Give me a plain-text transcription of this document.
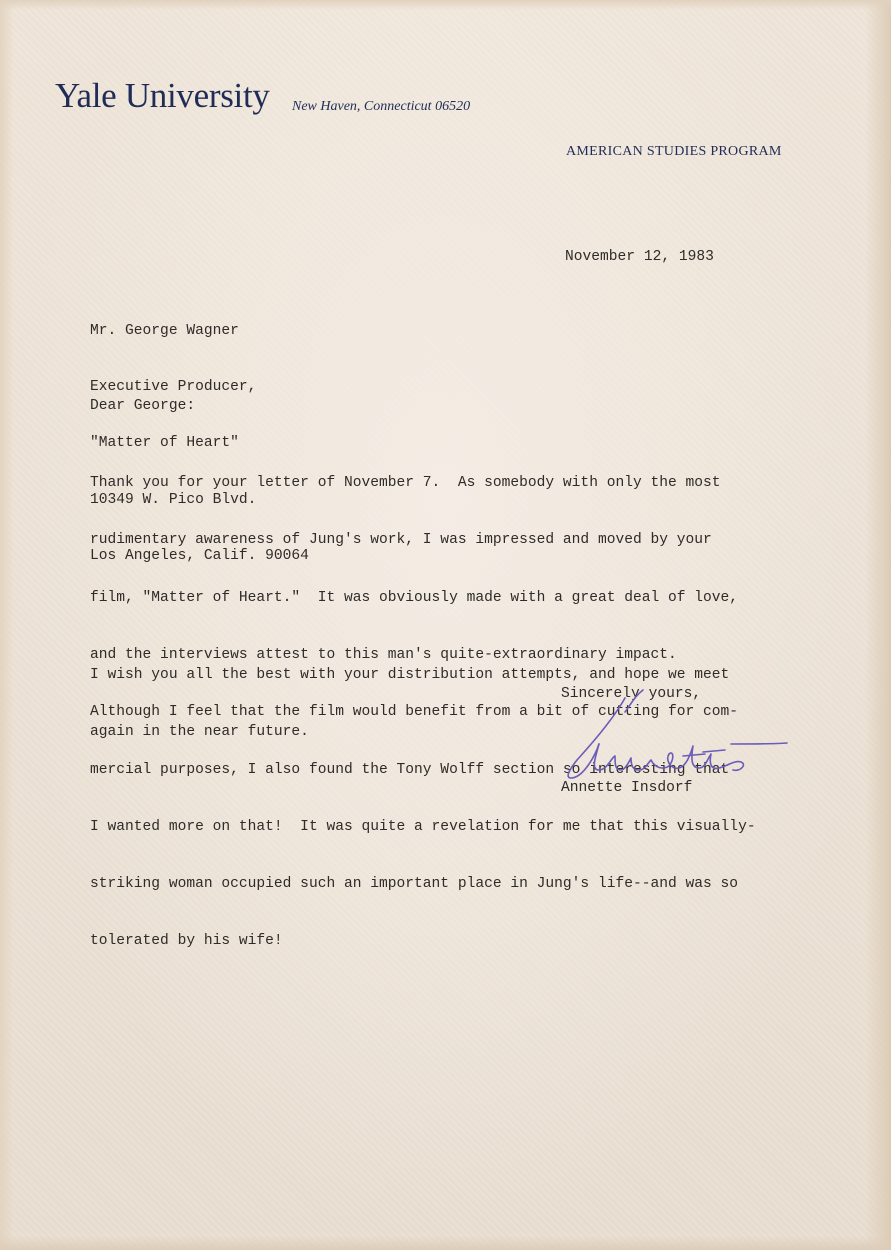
Yale University New Haven, Connecticut 06520
AMERICAN STUDIES PROGRAM
November 12, 1983

Mr. George Wagner

Executive Producer,

"Matter of Heart"

10349 W. Pico Blvd.

Los Angeles, Calif. 90064

Dear George:

Thank you for your letter of November 7.  As somebody with only the most

rudimentary awareness of Jung's work, I was impressed and moved by your

film, "Matter of Heart."  It was obviously made with a great deal of love,

and the interviews attest to this man's quite-extraordinary impact.

Although I feel that the film would benefit from a bit of cutting for com-

mercial purposes, I also found the Tony Wolff section so interesting that

I wanted more on that!  It was quite a revelation for me that this visually-

striking woman occupied such an important place in Jung's life--and was so

tolerated by his wife!

I wish you all the best with your distribution attempts, and hope we meet

again in the near future.

Sincerely yours,
Annette Insdorf
